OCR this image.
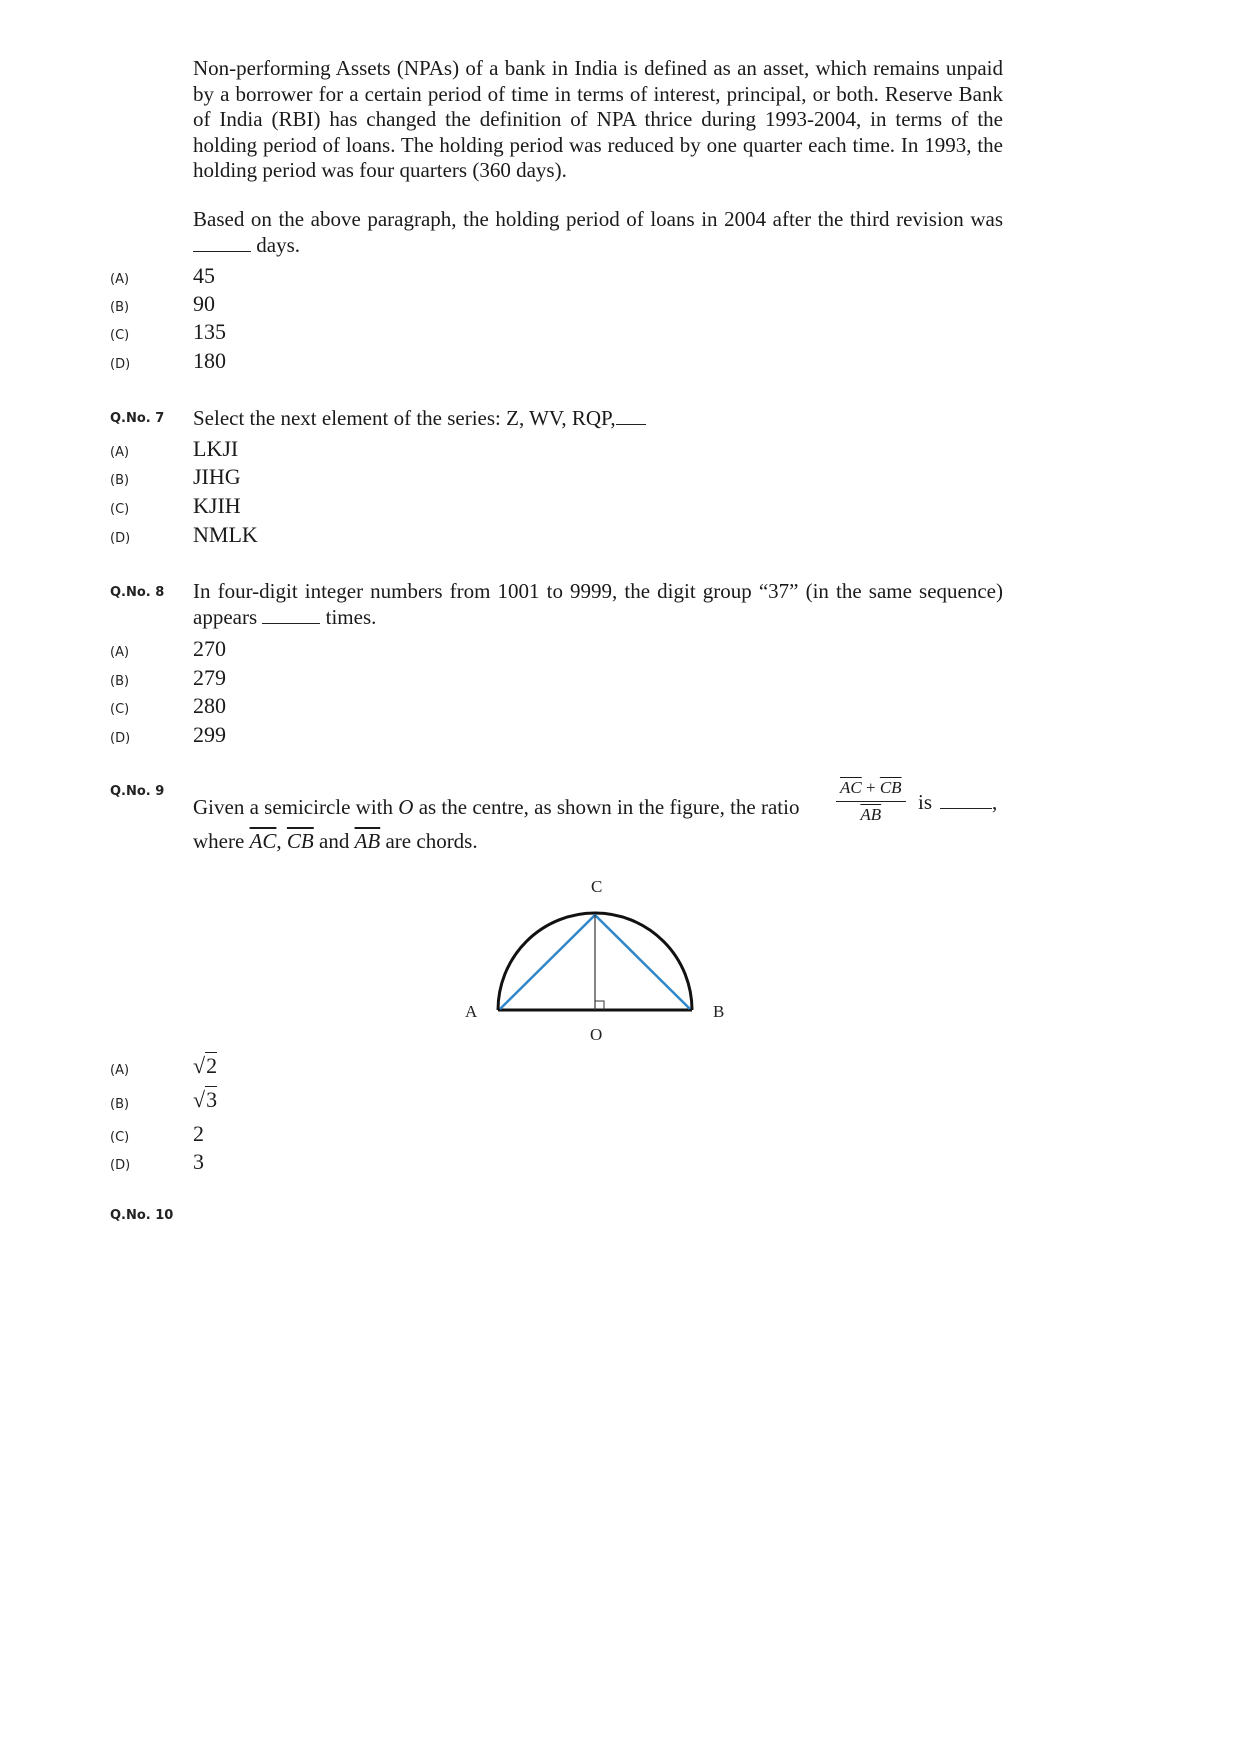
Non-performing Assets (NPAs) of a bank in India is defined as an asset, which remains unpaid by a borrower for a certain period of time in terms of interest, principal, or both. Reserve Bank of India (RBI) has changed the definition of NPA thrice during 1993-2004, in terms of the holding period of loans. The holding period was reduced by one quarter each time. In 1993, the holding period was four quarters (360 days).
Based on the above paragraph, the holding period of loans in 2004 after the third revision was  days.
(A)	45
(B)	90
(C)	135
(D)	180
Q.No. 7 Select the next element of the series: Z, WV, RQP,
(A)	LKJI
(B)	JIHG
(C)	KJIH
(D)	NMLK
Q.No. 8 In four-digit integer numbers from 1001 to 9999, the digit group “37” (in the same sequence) appears	times.
(A)	270
(B)	279
(C)	280
(D)	299
Q.No. 9
Given a semicircle with O as the centre, as shown in the figure, the ratio $\frac{\overline{AC} + \overline{CB}}{AB}$ is	,
where $\overline{AC}$, $\overline{CB}$ and $\overline{AB}$ are chords.
C
A	B
O
(A)	√2
(B)	√3
(C)	2
(D)	3
Q.No. 10
